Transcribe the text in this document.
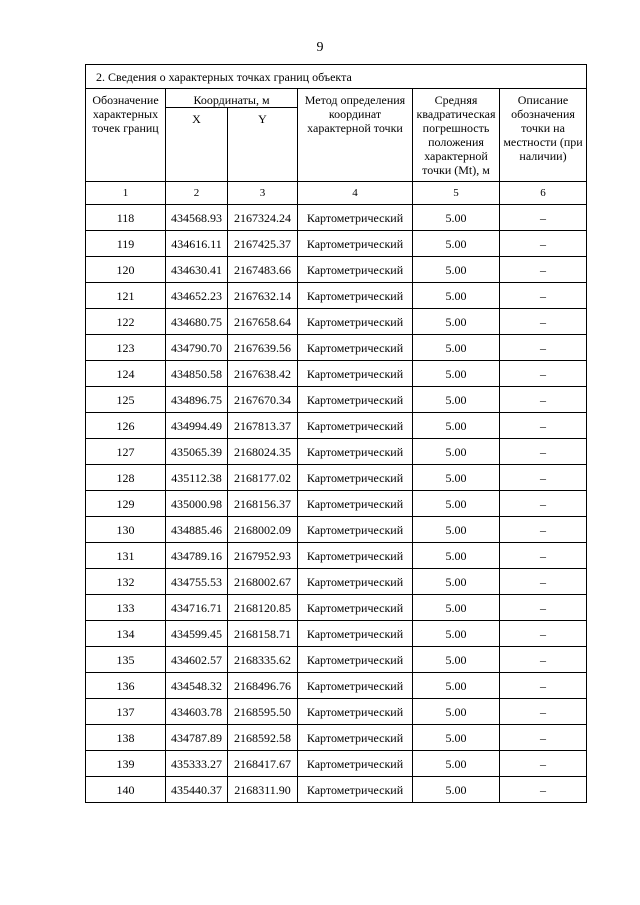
9
2. Сведения о характерных точках границ объекта					
Обозначение характерных точек границ	Координаты, м		Метод определения координат характерной точки	Средняя квадратическая погрешность положения характерной точки (Mt), м	Описание обозначения точки на местности (при наличии)
	X	Y			
1	2	3	4	5	6
118	434568.93	2167324.24	Картометрический	5.00	–
119	434616.11	2167425.37	Картометрический	5.00	–
120	434630.41	2167483.66	Картометрический	5.00	–
121	434652.23	2167632.14	Картометрический	5.00	–
122	434680.75	2167658.64	Картометрический	5.00	–
123	434790.70	2167639.56	Картометрический	5.00	–
124	434850.58	2167638.42	Картометрический	5.00	–
125	434896.75	2167670.34	Картометрический	5.00	–
126	434994.49	2167813.37	Картометрический	5.00	–
127	435065.39	2168024.35	Картометрический	5.00	–
128	435112.38	2168177.02	Картометрический	5.00	–
129	435000.98	2168156.37	Картометрический	5.00	–
130	434885.46	2168002.09	Картометрический	5.00	–
131	434789.16	2167952.93	Картометрический	5.00	–
132	434755.53	2168002.67	Картометрический	5.00	–
133	434716.71	2168120.85	Картометрический	5.00	–
134	434599.45	2168158.71	Картометрический	5.00	–
135	434602.57	2168335.62	Картометрический	5.00	–
136	434548.32	2168496.76	Картометрический	5.00	–
137	434603.78	2168595.50	Картометрический	5.00	–
138	434787.89	2168592.58	Картометрический	5.00	–
139	435333.27	2168417.67	Картометрический	5.00	–
140	435440.37	2168311.90	Картометрический	5.00	–
